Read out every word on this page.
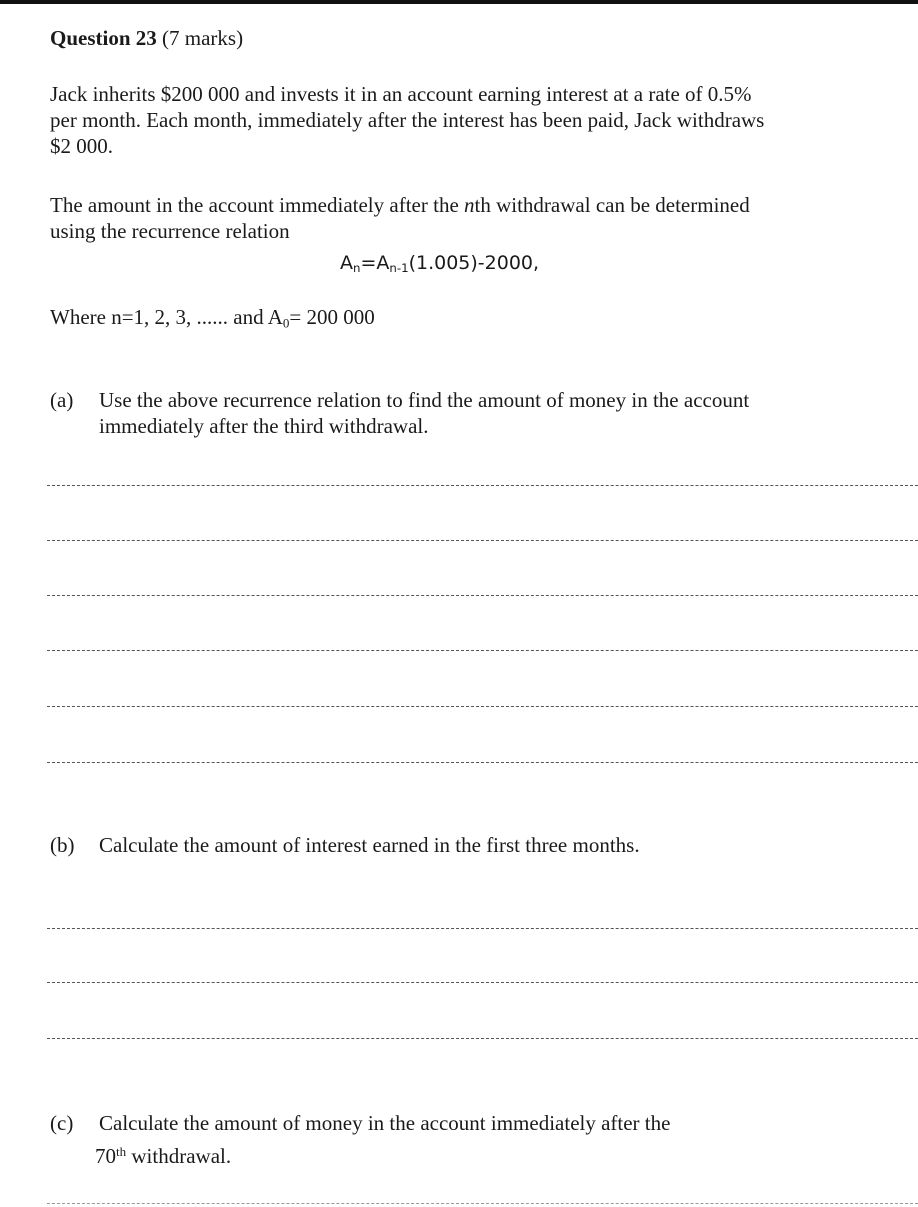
Question 23 (7 marks)
Jack inherits $200 000 and invests it in an account earning interest at a rate of 0.5%
per month. Each month, immediately after the interest has been paid, Jack withdraws
$2 000.
The amount in the account immediately after the nth withdrawal can be determined
using the recurrence relation
$A_n=A_{n-1}(1.005)-2000$,
Where n=1, 2, 3, ...... and $A_0= 200$ 000
(a) Use the above recurrence relation to find the amount of money in the account
immediately after the third withdrawal.
(b) Calculate the amount of interest earned in the first three months.
(c) Calculate the amount of money in the account immediately after the
70th withdrawal.
